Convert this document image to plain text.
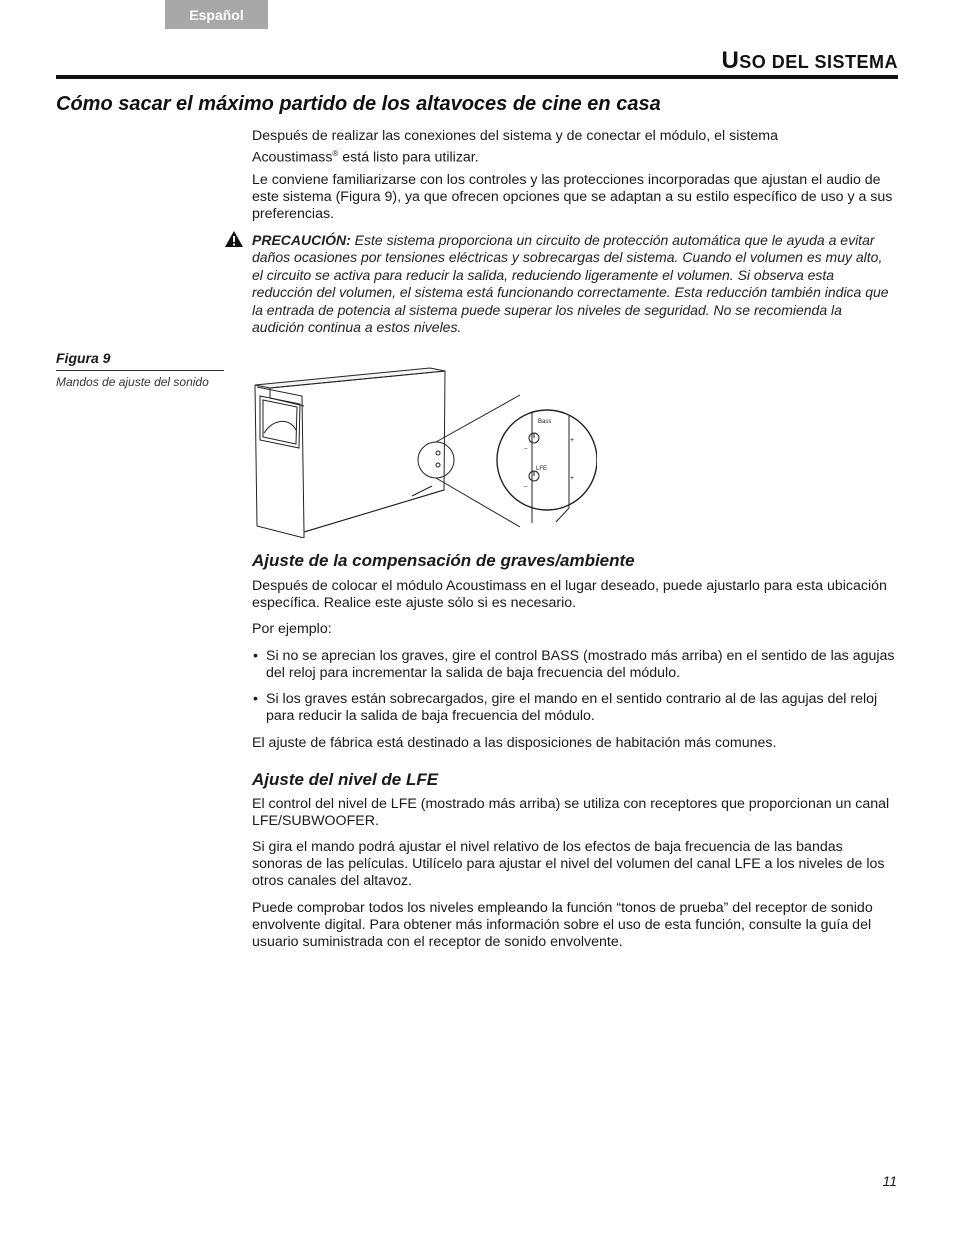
Español
USO DEL SISTEMA
Cómo sacar el máximo partido de los altavoces de cine en casa

Después de realizar las conexiones del sistema y de conectar el módulo, el sistema
Acoustimass® está listo para utilizar.

Le conviene familiarizarse con los controles y las protecciones incorporadas que ajustan el audio de este sistema (Figura 9), ya que ofrecen opciones que se adaptan a su estilo específico de uso y a sus preferencias.

PRECAUCIÓN: Este sistema proporciona un circuito de protección automática que le ayuda a evitar daños ocasiones por tensiones eléctricas y sobrecargas del sistema. Cuando el volumen es muy alto, el circuito se activa para reducir la salida, reduciendo ligeramente el volumen. Si observa esta reducción del volumen, el sistema está funcionando correctamente. Esta reducción también indica que la entrada de potencia al sistema puede superar los niveles de seguridad. No se recomienda la audición continua a estos niveles.
Figura 9
Mandos de ajuste del sonido
Bass
LFE
–
+
–
+
Ajuste de la compensación de graves/ambiente

Después de colocar el módulo Acoustimass en el lugar deseado, puede ajustarlo para esta ubicación específica. Realice este ajuste sólo si es necesario.

Por ejemplo:

• Si no se aprecian los graves, gire el control BASS (mostrado más arriba) en el sentido de las agujas del reloj para incrementar la salida de baja frecuencia del módulo.
• Si los graves están sobrecargados, gire el mando en el sentido contrario al de las agujas del reloj para reducir la salida de baja frecuencia del módulo.

El ajuste de fábrica está destinado a las disposiciones de habitación más comunes.

Ajuste del nivel de LFE

El control del nivel de LFE (mostrado más arriba) se utiliza con receptores que proporcionan un canal LFE/SUBWOOFER.

Si gira el mando podrá ajustar el nivel relativo de los efectos de baja frecuencia de las bandas sonoras de las películas. Utilícelo para ajustar el nivel del volumen del canal LFE a los niveles de los otros canales del altavoz.

Puede comprobar todos los niveles empleando la función “tonos de prueba” del receptor de sonido envolvente digital. Para obtener más información sobre el uso de esta función, consulte la guía del usuario suministrada con el receptor de sonido envolvente.

11
